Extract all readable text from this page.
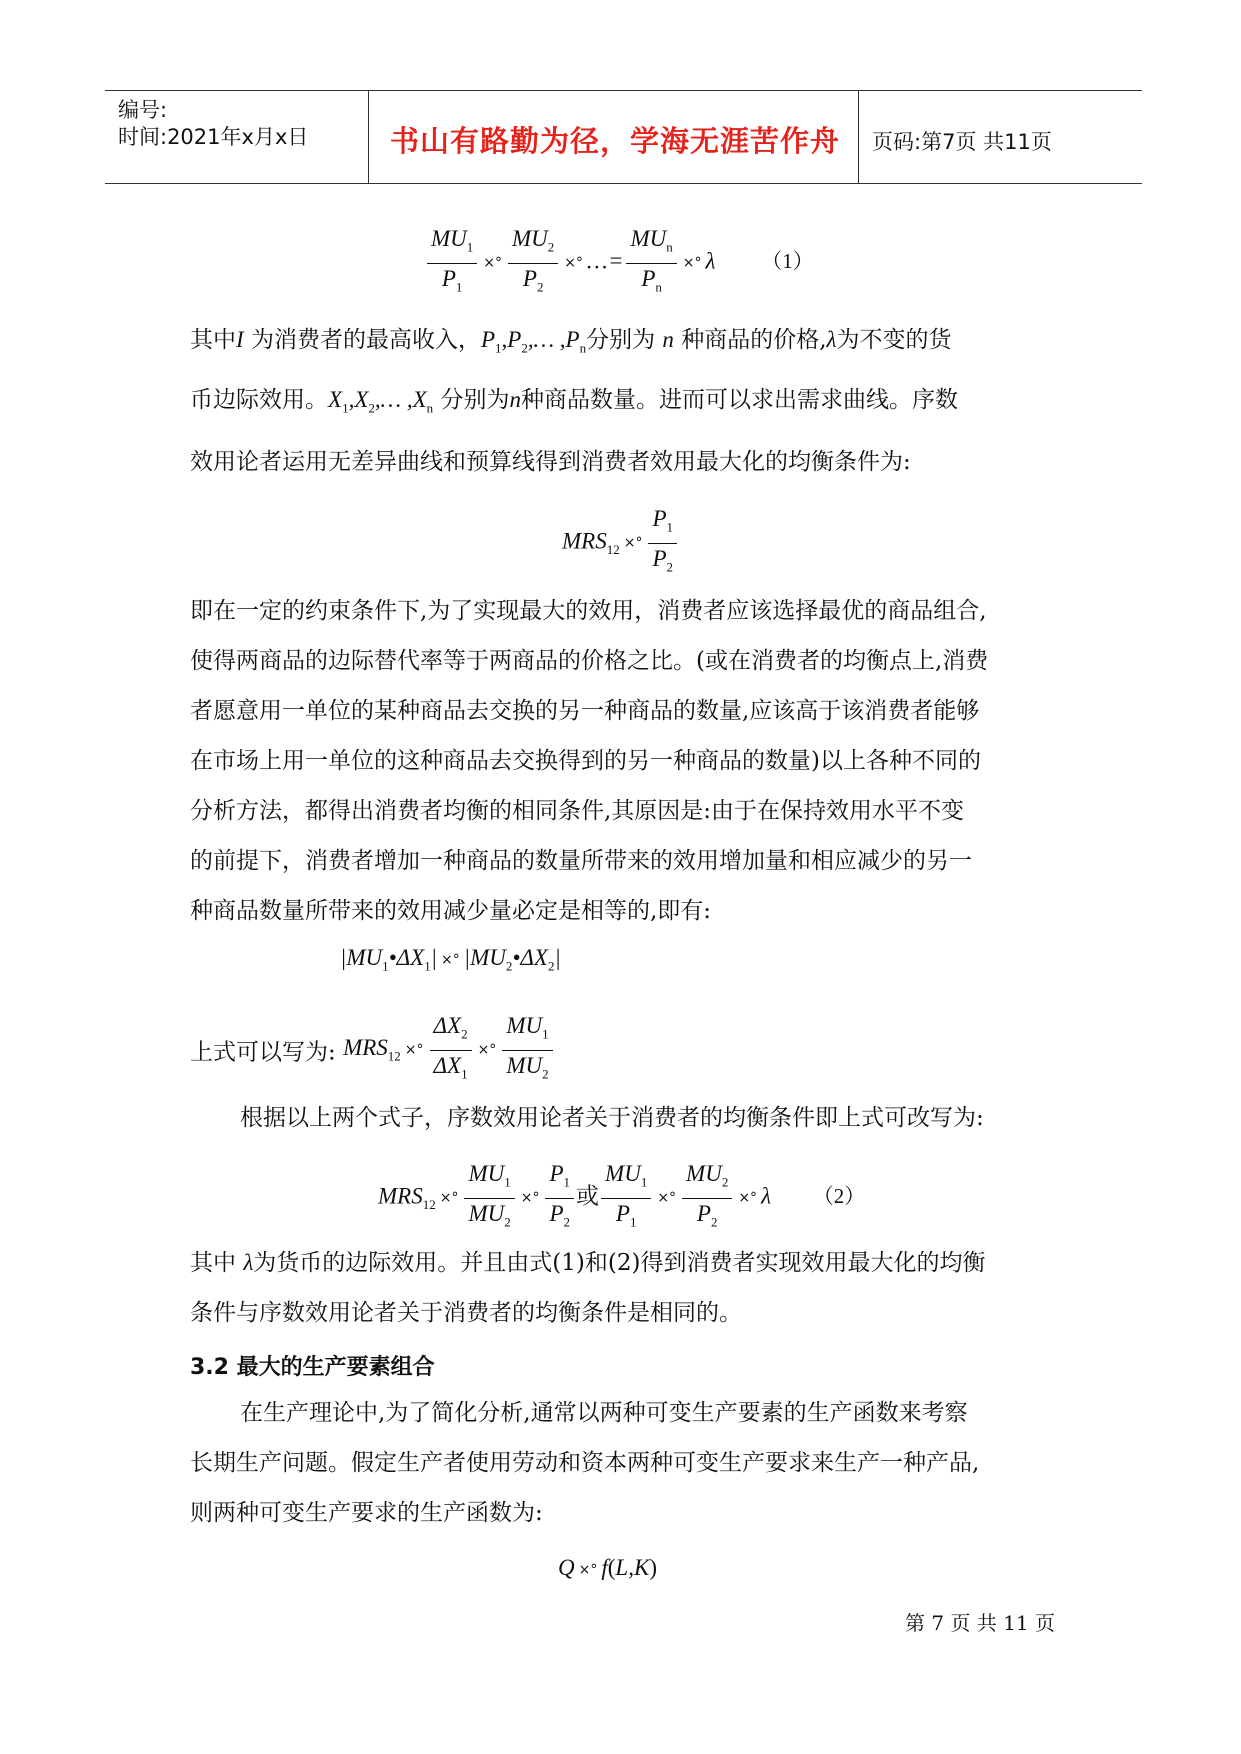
编号:
时间:2021年x月x日	书山有路勤为径，学海无涯苦作舟 页码:第7页 共11页
$\frac{MU_1}{P_1}$ ×° $\frac{MU_2}{P_2}$ ×° …= $\frac{MU_n}{P_n}$ ×° λ （1）
其中I 为消费者的最高收入，$P_1,P_2,\dots$ $,P_n$分别为 n 种商品的价格,λ为不变的货
币边际效用。$X_1,X_2,\dots$ $,X_n$ 分别为n种商品数量。进而可以求出需求曲线。序数
效用论者运用无差异曲线和预算线得到消费者效用最大化的均衡条件为:
$MRS_{12}$ ×° $\frac{P_1}{P_2}$
即在一定的约束条件下,为了实现最大的效用，消费者应该选择最优的商品组合,
使得两商品的边际替代率等于两商品的价格之比。(或在消费者的均衡点上,消费
者愿意用一单位的某种商品去交换的另一种商品的数量,应该高于该消费者能够
在市场上用一单位的这种商品去交换得到的另一种商品的数量)以上各种不同的
分析方法，都得出消费者均衡的相同条件,其原因是:由于在保持效用水平不变
的前提下，消费者增加一种商品的数量所带来的效用增加量和相应减少的另一
种商品数量所带来的效用减少量必定是相等的,即有:
$|MU_1•\Delta X_1|$ ×° $|MU_2•\Delta X_2|$
上式可以写为: $MRS_{12}$ ×° $\frac{\Delta X_2}{\Delta X_1}$ ×° $\frac{MU_1}{MU_2}$
根据以上两个式子，序数效用论者关于消费者的均衡条件即上式可改写为:
$MRS_{12}$ ×° $\frac{MU_1}{MU_2}$ ×° $\frac{P_1}{P_2}$ 或 $\frac{MU_1}{P_1}$ ×° $\frac{MU_2}{P_2}$ ×° λ （2）
其中 λ为货币的边际效用。并且由式(1)和(2)得到消费者实现效用最大化的均衡
条件与序数效用论者关于消费者的均衡条件是相同的。
3.2 最大的生产要素组合
在生产理论中,为了简化分析,通常以两种可变生产要素的生产函数来考察
长期生产问题。假定生产者使用劳动和资本两种可变生产要求来生产一种产品,
则两种可变生产要求的生产函数为:
Q ×° f(L,K)
第 7 页 共 11 页
